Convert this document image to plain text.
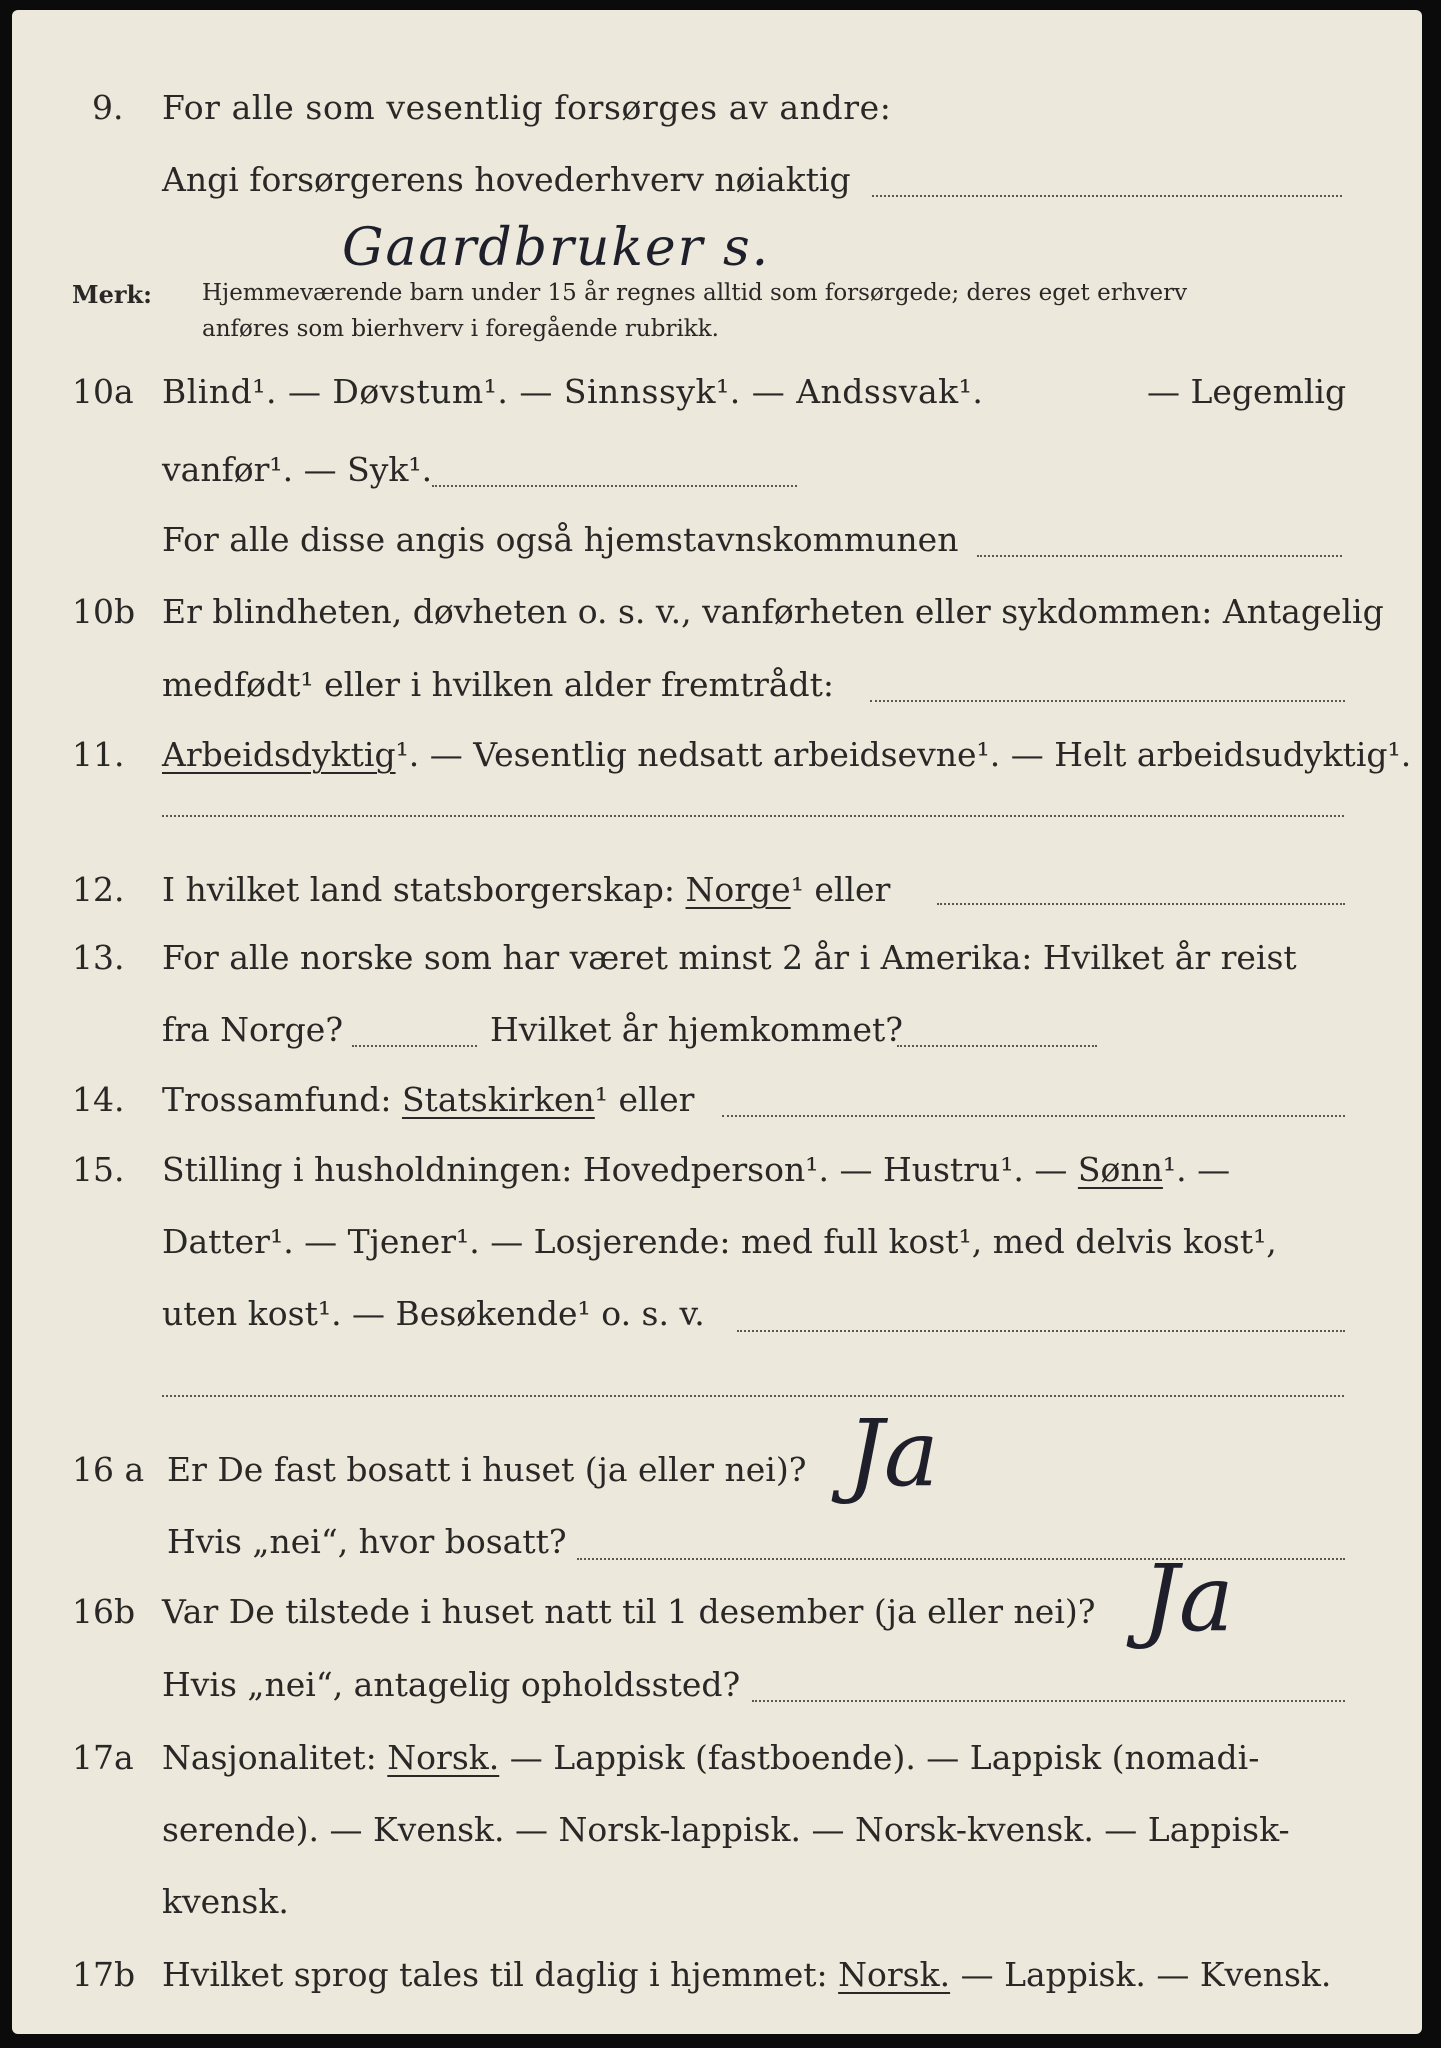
9. For alle som vesentlig forsørges av andre:
Angi forsørgerens hovederhverv nøiaktig
Gaardbruker s.
Merk: Hjemmeværende barn under 15 år regnes alltid som forsørgede; deres eget erhverv
anføres som bierhverv i foregående rubrikk.
10a Blind¹. — Døvstum¹. — Sinnssyk¹. — Andssvak¹.	— Legemlig
vanfør¹. — Syk¹.
For alle disse angis også hjemstavnskommunen
10b Er blindheten, døvheten o. s. v., vanførheten eller sykdommen: Antagelig
medfødt¹ eller i hvilken alder fremtrådt:
11. Arbeidsdyktig¹. — Vesentlig nedsatt arbeidsevne¹. — Helt arbeidsudyktig¹.
12. I hvilket land statsborgerskap: Norge¹ eller
13. For alle norske som har været minst 2 år i Amerika: Hvilket år reist
fra Norge?	Hvilket år hjemkommet?
14. Trossamfund: Statskirken¹ eller
15. Stilling i husholdningen: Hovedperson¹. — Hustru¹. — Sønn¹. —
Datter¹. — Tjener¹. — Losjerende: med full kost¹, med delvis kost¹,
uten kost¹. — Besøkende¹ o. s. v.
16 a Er De fast bosatt i huset (ja eller nei)? Ja
Hvis „nei“, hvor bosatt?
16b Var De tilstede i huset natt til 1 desember (ja eller nei)? Ja
Hvis „nei“, antagelig opholdssted?
17a Nasjonalitet: Norsk. — Lappisk (fastboende). — Lappisk (nomadi-
serende). — Kvensk. — Norsk-lappisk. — Norsk-kvensk. — Lappisk-
kvensk.
17b Hvilket sprog tales til daglig i hjemmet: Norsk. — Lappisk. — Kvensk.
